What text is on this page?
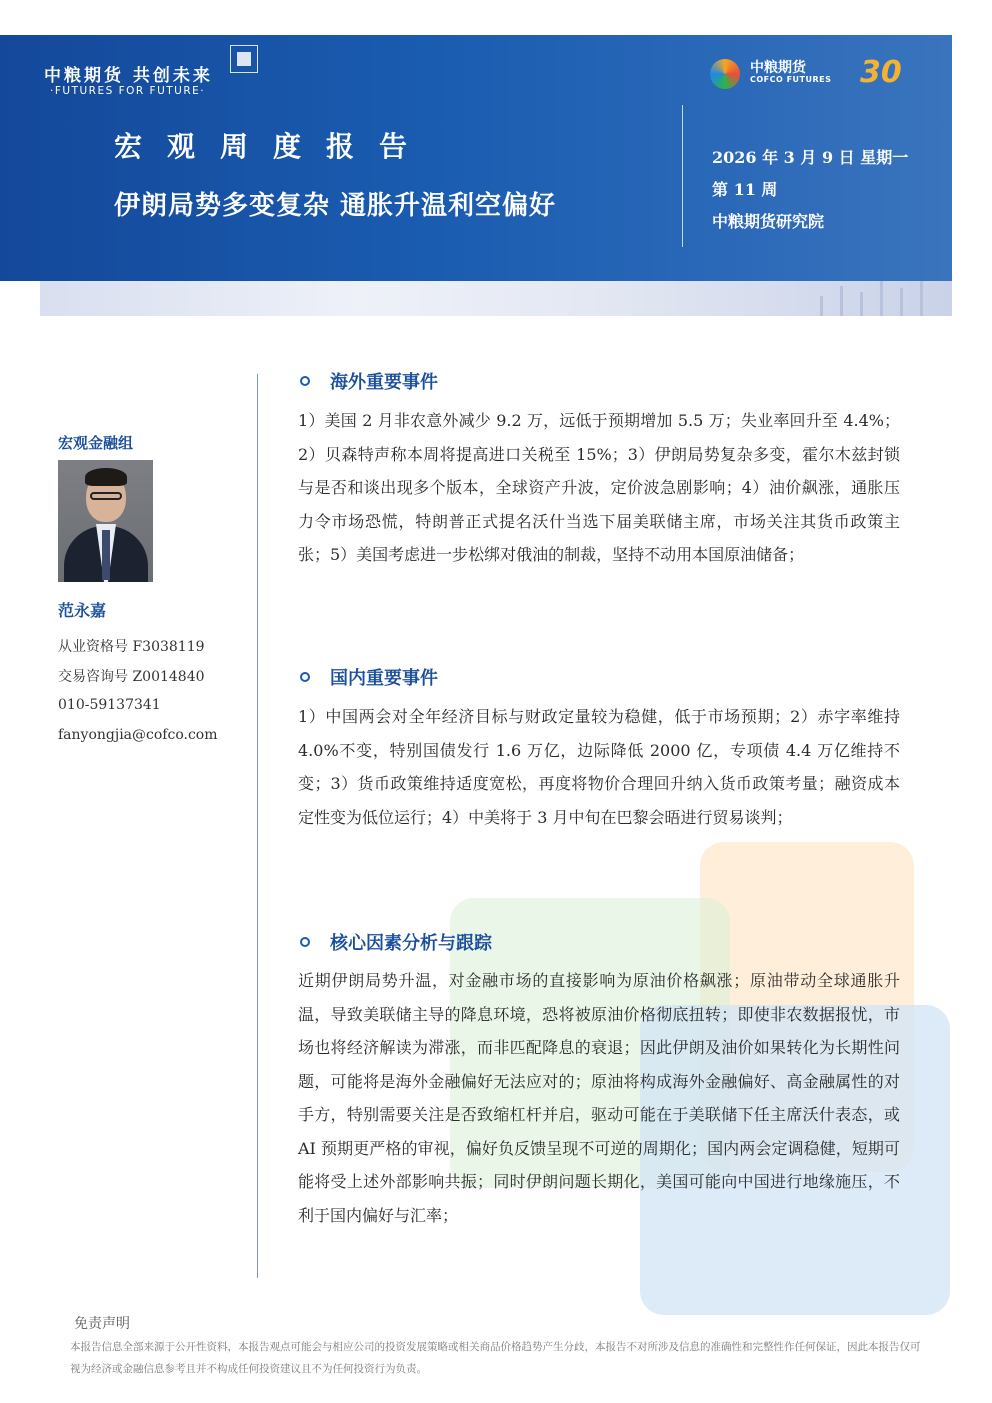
中粮期货 共创未来
·FUTURES FOR FUTURE·
中粮期货
COFCO FUTURES 30
宏观周度报告
伊朗局势多变复杂 通胀升温利空偏好
2026 年 3 月 9 日 星期一
第 11 周
中粮期货研究院
宏观金融组
范永嘉
从业资格号 F3038119
交易咨询号 Z0014840
010-59137341
fanyongjia@cofco.com
海外重要事件

1）美国 2 月非农意外减少 9.2 万，远低于预期增加 5.5 万；失业率回升至 4.4%；2）贝森特声称本周将提高进口关税至 15%；3）伊朗局势复杂多变，霍尔木兹封锁与是否和谈出现多个版本，全球资产升波，定价波急剧影响；4）油价飙涨，通胀压力令市场恐慌，特朗普正式提名沃什当选下届美联储主席，市场关注其货币政策主张；5）美国考虑进一步松绑对俄油的制裁，坚持不动用本国原油储备；

国内重要事件

1）中国两会对全年经济目标与财政定量较为稳健，低于市场预期；2）赤字率维持 4.0%不变，特别国债发行 1.6 万亿，边际降低 2000 亿，专项债 4.4 万亿维持不变；3）货币政策维持适度宽松，再度将物价合理回升纳入货币政策考量；融资成本定性变为低位运行；4）中美将于 3 月中旬在巴黎会晤进行贸易谈判；

核心因素分析与跟踪

近期伊朗局势升温，对金融市场的直接影响为原油价格飙涨；原油带动全球通胀升温，导致美联储主导的降息环境，恐将被原油价格彻底扭转；即使非农数据报忧，市场也将经济解读为滞涨，而非匹配降息的衰退；因此伊朗及油价如果转化为长期性问题，可能将是海外金融偏好无法应对的；原油将构成海外金融偏好、高金融属性的对手方，特别需要关注是否致缩杠杆并启，驱动可能在于美联储下任主席沃什表态，或 AI 预期更严格的审视，偏好负反馈呈现不可逆的周期化；国内两会定调稳健，短期可能将受上述外部影响共振；同时伊朗问题长期化，美国可能向中国进行地缘施压，不利于国内偏好与汇率；

免责声明
本报告信息全部来源于公开性资料，本报告观点可能会与相应公司的投资发展策略或相关商品价格趋势产生分歧，本报告不对所涉及信息的准确性和完整性作任何保证，因此本报告仅可视为经济或金融信息参考且并不构成任何投资建议且不为任何投资行为负责。
